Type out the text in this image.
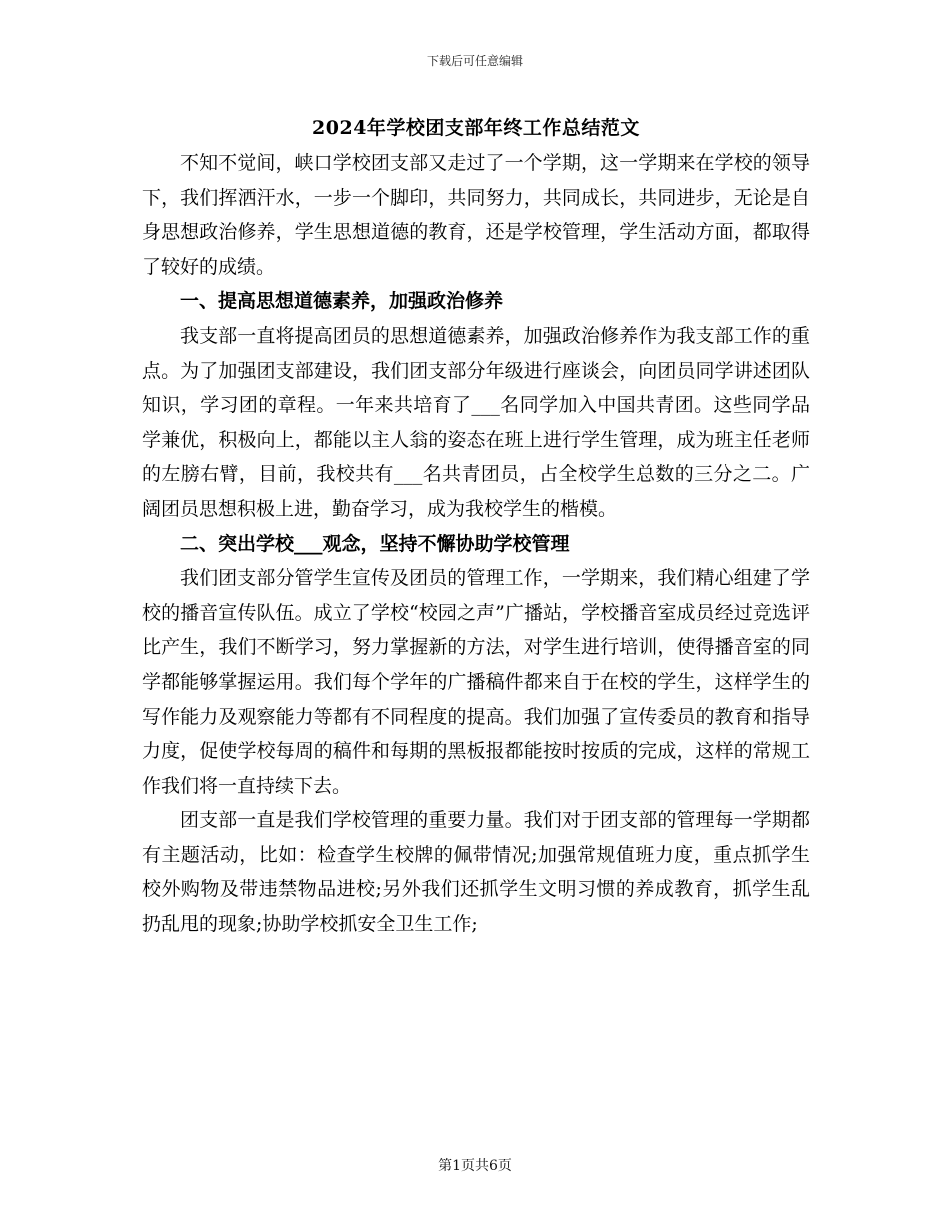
下载后可任意编辑
2024年学校团支部年终工作总结范文

不知不觉间，峡口学校团支部又走过了一个学期，这一学期来在学校的领导下，我们挥洒汗水，一步一个脚印，共同努力，共同成长，共同进步，无论是自身思想政治修养，学生思想道德的教育，还是学校管理，学生活动方面，都取得了较好的成绩。

一、提高思想道德素养，加强政治修养

我支部一直将提高团员的思想道德素养，加强政治修养作为我支部工作的重点。为了加强团支部建设，我们团支部分年级进行座谈会，向团员同学讲述团队知识，学习团的章程。一年来共培育了___名同学加入中国共青团。这些同学品学兼优，积极向上，都能以主人翁的姿态在班上进行学生管理，成为班主任老师的左膀右臂，目前，我校共有___名共青团员，占全校学生总数的三分之二。广阔团员思想积极上进，勤奋学习，成为我校学生的楷模。

二、突出学校___观念，坚持不懈协助学校管理

我们团支部分管学生宣传及团员的管理工作，一学期来，我们精心组建了学校的播音宣传队伍。成立了学校“校园之声”广播站，学校播音室成员经过竞选评比产生，我们不断学习，努力掌握新的方法，对学生进行培训，使得播音室的同学都能够掌握运用。我们每个学年的广播稿件都来自于在校的学生，这样学生的写作能力及观察能力等都有不同程度的提高。我们加强了宣传委员的教育和指导力度，促使学校每周的稿件和每期的黑板报都能按时按质的完成，这样的常规工作我们将一直持续下去。

团支部一直是我们学校管理的重要力量。我们对于团支部的管理每一学期都有主题活动，比如：检查学生校牌的佩带情况;加强常规值班力度，重点抓学生校外购物及带违禁物品进校;另外我们还抓学生文明习惯的养成教育，抓学生乱扔乱甩的现象;协助学校抓安全卫生工作;

第1页共6页
